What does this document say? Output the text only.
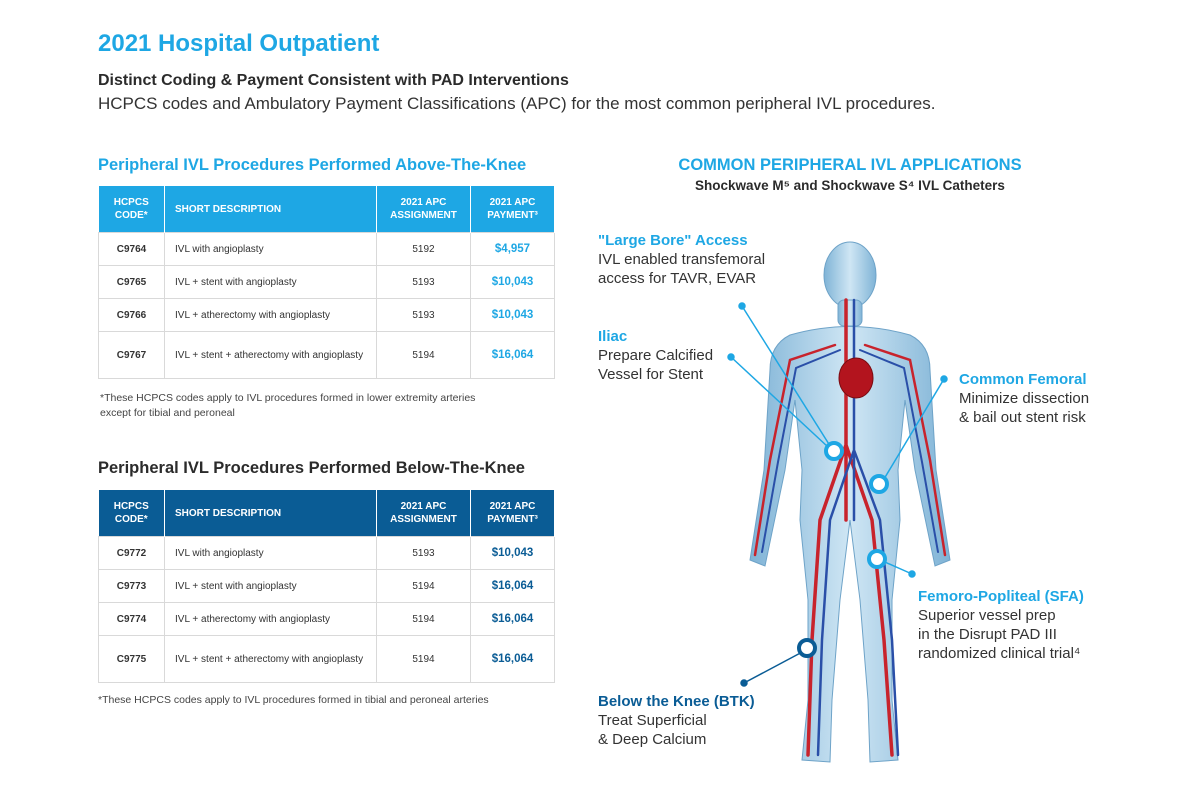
2021 Hospital Outpatient
Distinct Coding & Payment Consistent with PAD Interventions
HCPCS codes and Ambulatory Payment Classifications (APC) for the most common peripheral IVL procedures.
Peripheral IVL Procedures Performed Above-The-Knee
HCPCS CODE*	SHORT DESCRIPTION	2021 APC ASSIGNMENT	2021 APC PAYMENT³
C9764	IVL with angioplasty	5192	$4,957
C9765	IVL + stent with angioplasty	5193	$10,043
C9766	IVL + atherectomy with angioplasty	5193	$10,043
C9767	IVL + stent + atherectomy with angioplasty	5194	$16,064
*These HCPCS codes apply to IVL procedures formed in lower extremity arteries
except for tibial and peroneal
Peripheral IVL Procedures Performed Below-The-Knee
HCPCS CODE*	SHORT DESCRIPTION	2021 APC ASSIGNMENT	2021 APC PAYMENT³
C9772	IVL with angioplasty	5193	$10,043
C9773	IVL + stent with angioplasty	5194	$16,064
C9774	IVL + atherectomy with angioplasty	5194	$16,064
C9775	IVL + stent + atherectomy with angioplasty	5194	$16,064
*These HCPCS codes apply to IVL procedures formed in tibial and peroneal arteries
COMMON PERIPHERAL IVL APPLICATIONS
Shockwave M⁵ and Shockwave S⁴ IVL Catheters
"Large Bore" Access
IVL enabled transfemoral
access for TAVR, EVAR
Iliac
Prepare Calcified
Vessel for Stent	Common Femoral
Minimize dissection
& bail out stent risk
Femoro-Popliteal (SFA)
Superior vessel prep
in the Disrupt PAD III
randomized clinical trial⁴
Below the Knee (BTK)
Treat Superficial
& Deep Calcium
